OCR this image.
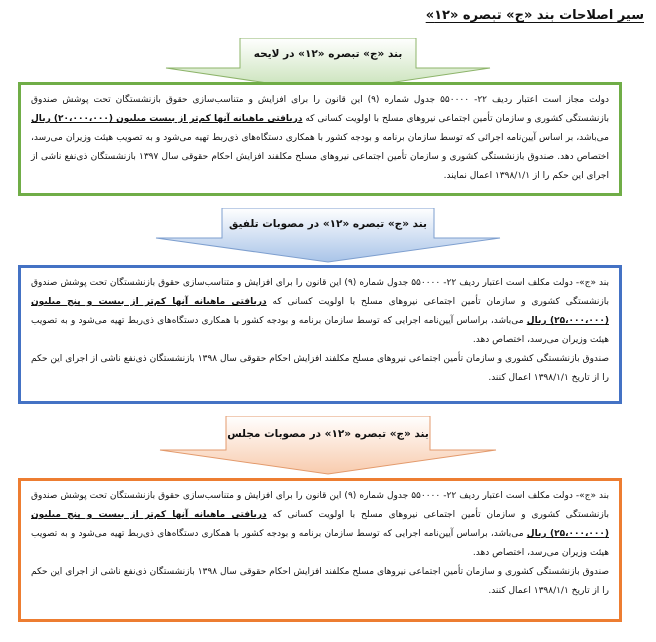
سیر اصلاحات بند «ج» تبصره «۱۲»
بند «ج» تبصره «۱۲» در لایحه

دولت مجاز است اعتبار ردیف ۲۲- ۵۵۰۰۰۰ جدول شماره (۹) این قانون را برای افزایش و متناسب‌سازی حقوق بازنشستگان تحت پوشش صندوق بازنشستگی کشوری و سازمان تأمین اجتماعی نیروهای مسلح با اولویت کسانی که دریافتی ماهیانه آنها کم‌تر از بیست میلیون (۲۰،۰۰۰،۰۰۰) ریال می‌باشد، بر اساس آیین‌نامه اجرائی که توسط سازمان برنامه و بودجه کشور با همکاری دستگاه‌های ذی‌ربط تهیه می‌شود و به تصویب هیئت وزیران می‌رسد، اختصاص دهد. صندوق بازنشستگی کشوری و سازمان تأمین اجتماعی نیروهای مسلح مکلفند افزایش احکام حقوقی سال ۱۳۹۷ بازنشستگان ذی‌نفع ناشی از اجرای این حکم را از ۱۳۹۸/۱/۱ اعمال نمایند.

بند «ج» تبصره «۱۲» در مصوبات تلفیق

بند «ج»- دولت مکلف است اعتبار ردیف ۲۲- ۵۵۰۰۰۰ جدول شماره (۹) این قانون را برای افزایش و متناسب‌سازی حقوق بازنشستگان تحت پوشش صندوق بازنشستگی کشوری و سازمان تأمین اجتماعی نیروهای مسلح با اولویت کسانی که دریافتی ماهیانه آنها کم‌تر از بیست و پنج میلیون (۲۵،۰۰۰،۰۰۰) ریال می‌باشد، براساس آیین‌نامه اجرایی که توسط سازمان برنامه و بودجه کشور با همکاری دستگاه‌های ذی‌ربط تهیه می‌شود و به تصویب هیئت وزیران می‌رسد، اختصاص دهد.

صندوق بازنشستگی کشوری و سازمان تأمین اجتماعی نیروهای مسلح مکلفند افزایش احکام حقوقی سال ۱۳۹۸ بازنشستگان ذی‌نفع ناشی از اجرای این حکم را از تاریخ ۱۳۹۸/۱/۱ اعمال کنند.

بند «ج» تبصره «۱۲» در مصوبات مجلس

بند «ج»- دولت مکلف است اعتبار ردیف ۲۲- ۵۵۰۰۰۰ جدول شماره (۹) این قانون را برای افزایش و متناسب‌سازی حقوق بازنشستگان تحت پوشش صندوق بازنشستگی کشوری و سازمان تأمین اجتماعی نیروهای مسلح با اولویت کسانی که دریافتی ماهیانه آنها کم‌تر از بیست و پنج میلیون (۲۵،۰۰۰،۰۰۰) ریال می‌باشد، براساس آیین‌نامه اجرایی که توسط سازمان برنامه و بودجه کشور با همکاری دستگاه‌های ذی‌ربط تهیه می‌شود و به تصویب هیئت وزیران می‌رسد، اختصاص دهد.

صندوق بازنشستگی کشوری و سازمان تأمین اجتماعی نیروهای مسلح مکلفند افزایش احکام حقوقی سال ۱۳۹۸ بازنشستگان ذی‌نفع ناشی از اجرای این حکم را از تاریخ ۱۳۹۸/۱/۱ اعمال کنند.
